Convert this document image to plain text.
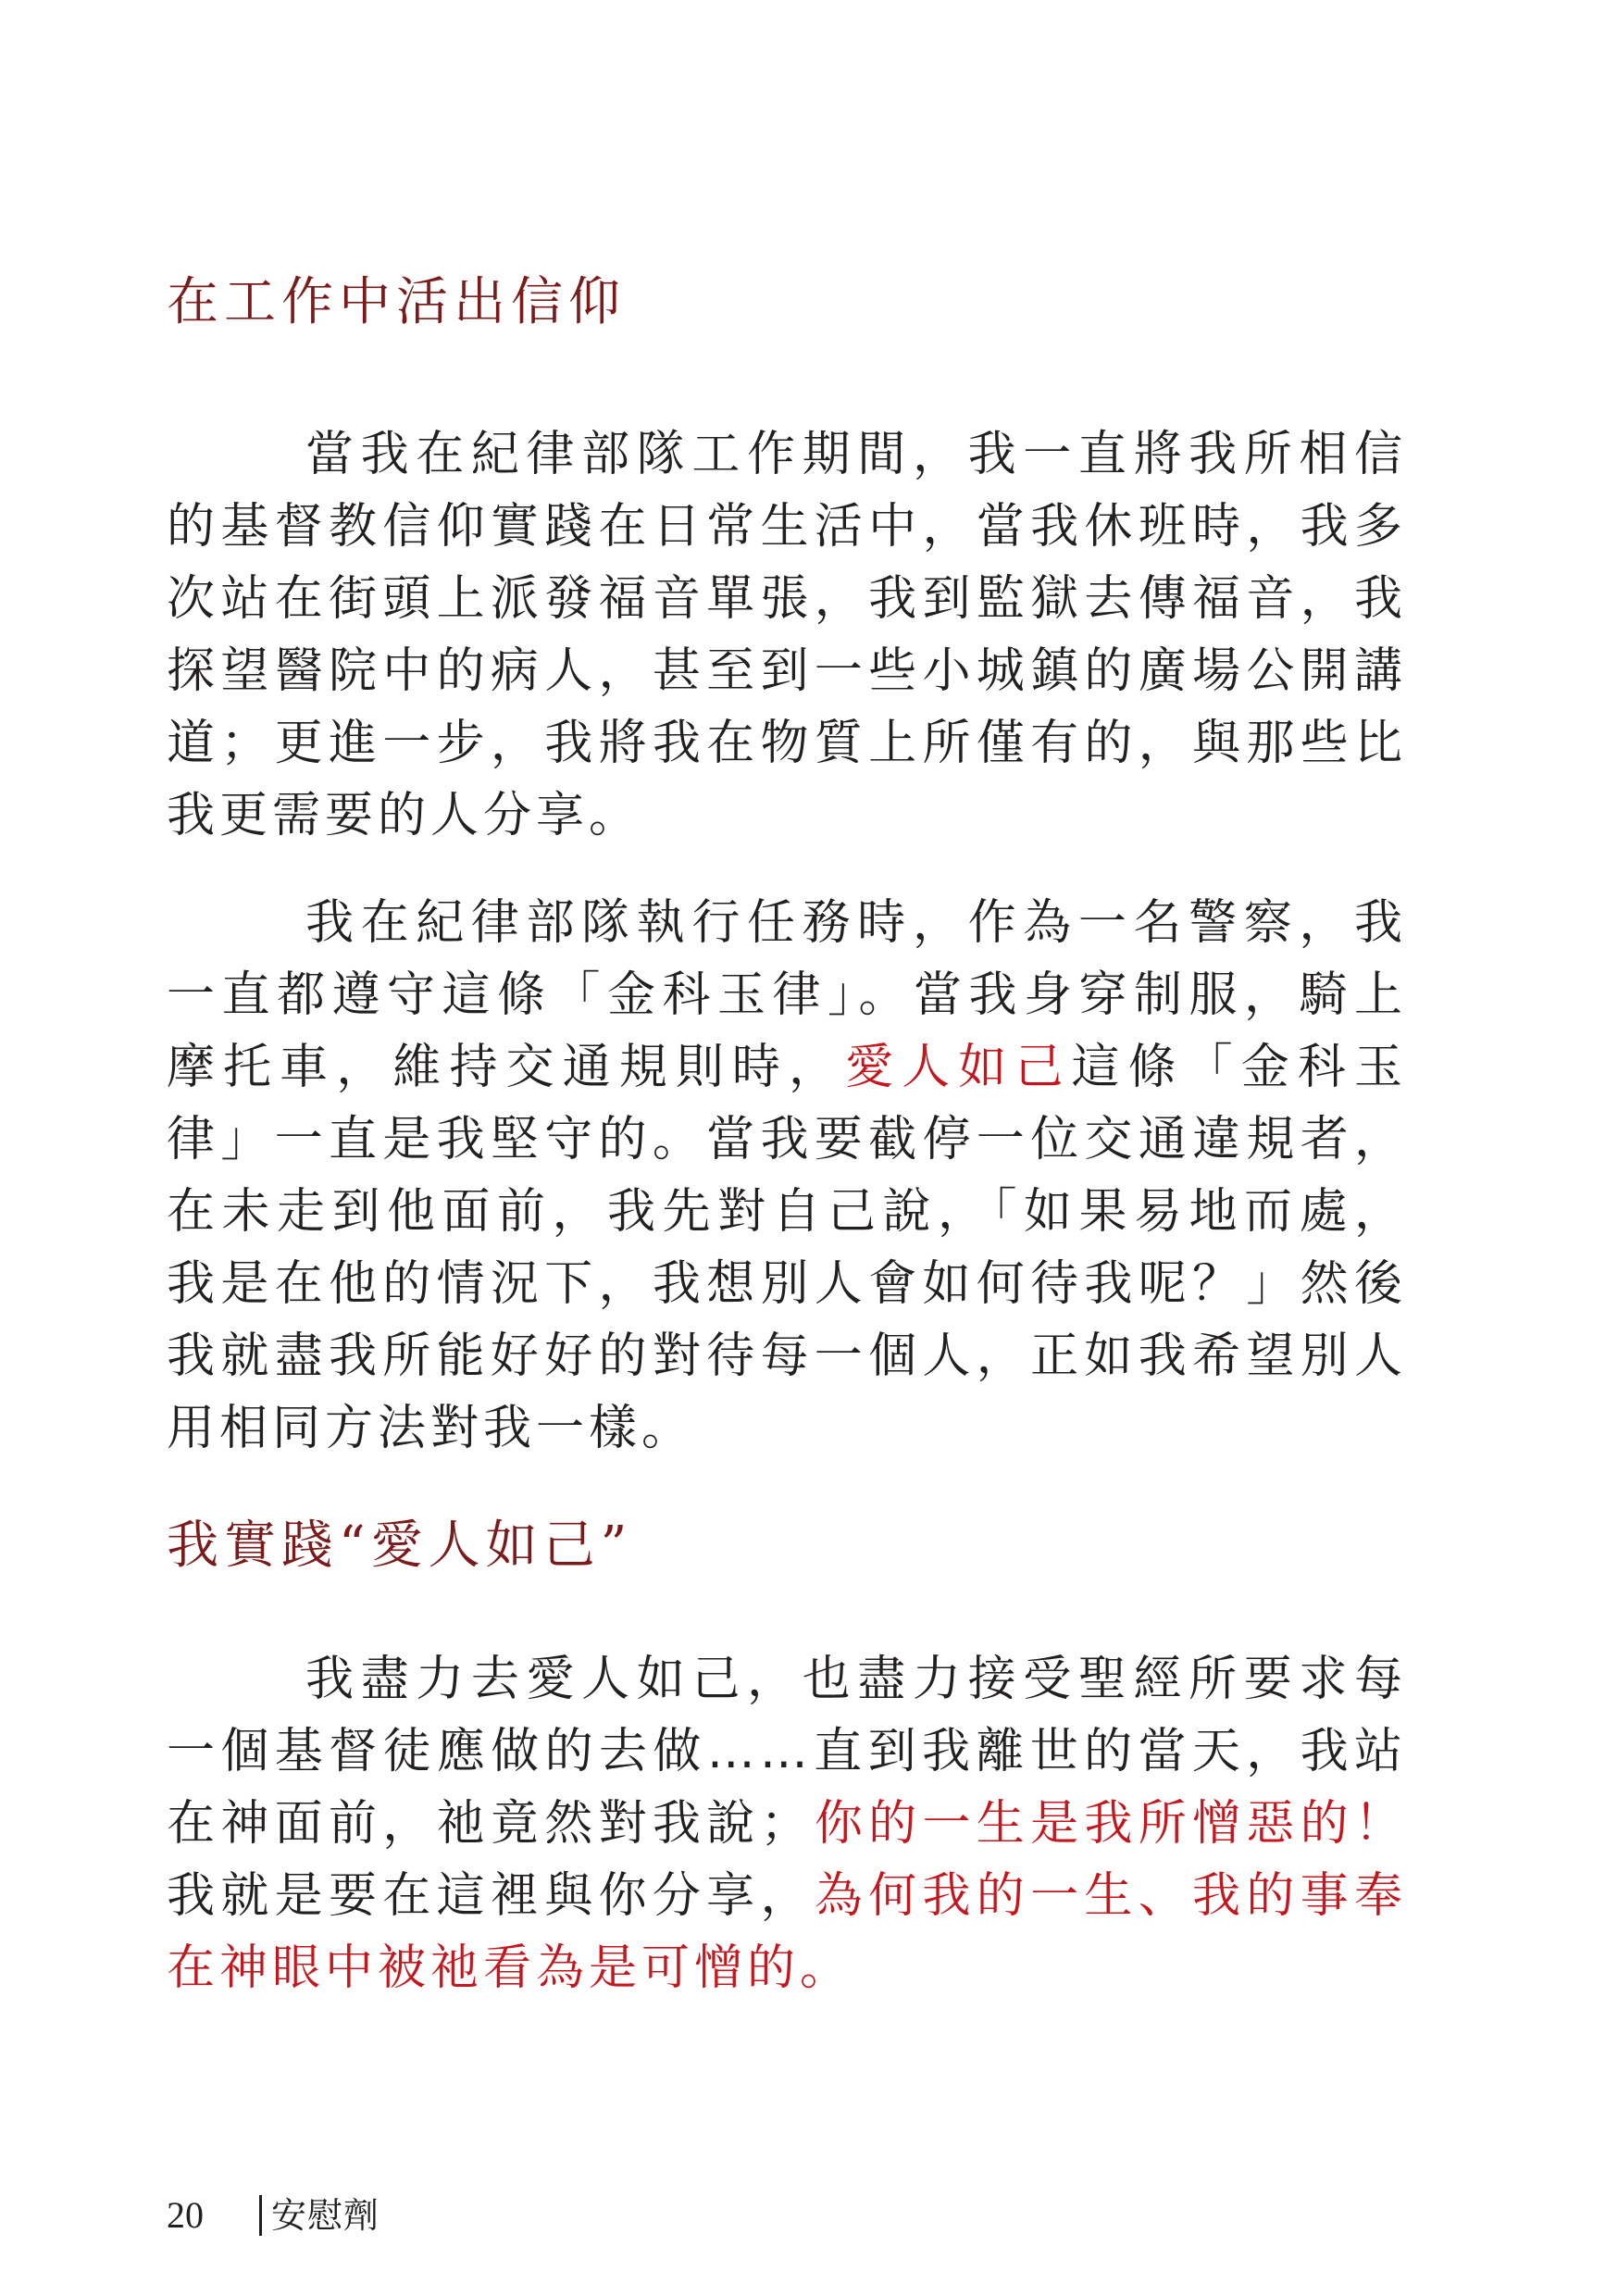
在工作中活出信仰

當我在紀律部隊工作期間，我一直將我所相信的基督教信仰實踐在日常生活中，當我休班時，我多次站在街頭上派發福音單張，我到監獄去傳福音，我探望醫院中的病人，甚至到一些小城鎮的廣場公開講道；更進一步，我將我在物質上所僅有的，與那些比我更需要的人分享。

我在紀律部隊執行任務時，作為一名警察，我一直都遵守這條「金科玉律」。當我身穿制服，騎上摩托車，維持交通規則時，愛人如己這條「金科玉律」一直是我堅守的。當我要截停一位交通違規者，在未走到他面前，我先對自己說，「如果易地而處，我是在他的情況下，我想別人會如何待我呢？」然後我就盡我所能好好的對待每一個人，正如我希望別人用相同方法對我一樣。

我實踐“愛人如己”

我盡力去愛人如己，也盡力接受聖經所要求每一個基督徒應做的去做……直到我離世的當天，我站在神面前，祂竟然對我說；你的一生是我所憎惡的！我就是要在這裡與你分享，為何我的一生、我的事奉在神眼中被祂看為是可憎的。

20 安慰劑
